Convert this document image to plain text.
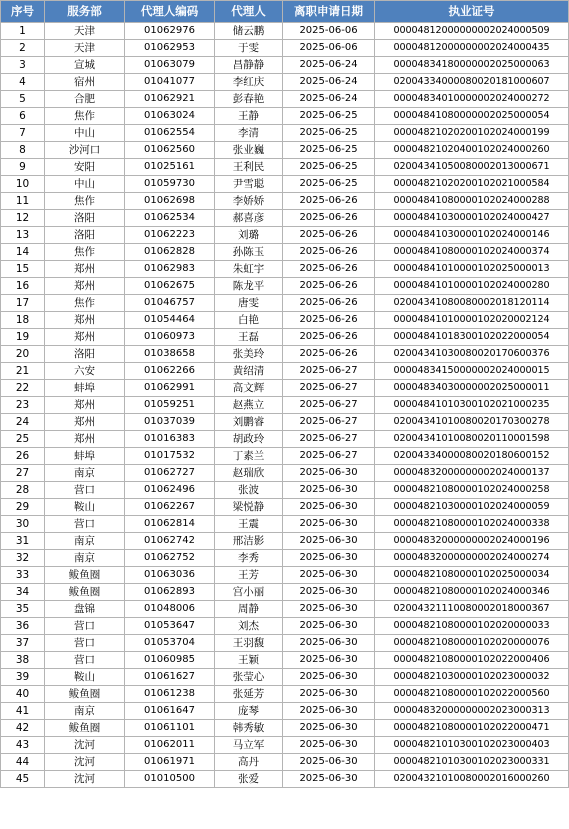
序号	服务部	代理人编码	代理人	离职申请日期	执业证号
1	天津	01062976	储云鹏	2025-06-06	00004812000000002024000509
2	天津	01062953	于雯	2025-06-06	00004812000000002024000435
3	宣城	01063079	昌静静	2025-06-24	00004834180000002025000063
4	宿州	01041077	李红庆	2025-06-24	02004334000080020181000607
5	合肥	01062921	彭春艳	2025-06-24	00004834010000002024000272
6	焦作	01063024	王静	2025-06-25	00004841080000002025000054
7	中山	01062554	李清	2025-06-25	00004821020200102024000199
8	沙河口	01062560	张业巍	2025-06-25	00004821020400102024000260
9	安阳	01025161	王利民	2025-06-25	02004341050080002013000671
10	中山	01059730	尹雪聪	2025-06-25	00004821020200102021000584
11	焦作	01062698	李娇娇	2025-06-26	00004841080000102024000288
12	洛阳	01062534	郝喜彦	2025-06-26	00004841030000102024000427
13	洛阳	01062223	刘璐	2025-06-26	00004841030000102024000146
14	焦作	01062828	孙陈玉	2025-06-26	00004841080000102024000374
15	郑州	01062983	朱虹宇	2025-06-26	00004841010000102025000013
16	郑州	01062675	陈龙平	2025-06-26	00004841010000102024000280
17	焦作	01046757	唐雯	2025-06-26	02004341080080002018120114
18	郑州	01054464	白艳	2025-06-26	00004841010000102020002124
19	郑州	01060973	王磊	2025-06-26	00004841018300102022000054
20	洛阳	01038658	张美玲	2025-06-26	02004341030080020170600376
21	六安	01062266	黄绍清	2025-06-27	00004834150000002024000015
22	蚌埠	01062991	高文辉	2025-06-27	00004834030000002025000011
23	郑州	01059251	赵燕立	2025-06-27	00004841010300102021000235
24	郑州	01037039	刘鹏睿	2025-06-27	02004341010080020170300278
25	郑州	01016383	胡政玲	2025-06-27	02004341010080020110001598
26	蚌埠	01017532	丁素兰	2025-06-27	02004334000080020180600152
27	南京	01062727	赵瑞欣	2025-06-30	00004832000000002024000137
28	营口	01062496	张波	2025-06-30	00004821080000102024000258
29	鞍山	01062267	梁悦静	2025-06-30	00004821030000102024000059
30	营口	01062814	王震	2025-06-30	00004821080000102024000338
31	南京	01062742	邢洁影	2025-06-30	00004832000000002024000196
32	南京	01062752	李秀	2025-06-30	00004832000000002024000274
33	鲅鱼圈	01063036	王芳	2025-06-30	00004821080000102025000034
34	鲅鱼圈	01062893	宫小丽	2025-06-30	00004821080000102024000346
35	盘锦	01048006	周静	2025-06-30	02004321110080002018000367
36	营口	01053647	刘杰	2025-06-30	00004821080000102020000033
37	营口	01053704	王羽馥	2025-06-30	00004821080000102020000076
38	营口	01060985	王颖	2025-06-30	00004821080000102022000406
39	鞍山	01061627	张莹心	2025-06-30	00004821030000102023000032
40	鲅鱼圈	01061238	张延芳	2025-06-30	00004821080000102022000560
41	南京	01061647	庞琴	2025-06-30	00004832000000002023000313
42	鲅鱼圈	01061101	韩秀敏	2025-06-30	00004821080000102022000471
43	沈河	01062011	马立军	2025-06-30	00004821010300102023000403
44	沈河	01061971	高丹	2025-06-30	00004821010300102023000331
45	沈河	01010500	张爱	2025-06-30	02004321010080002016000260
